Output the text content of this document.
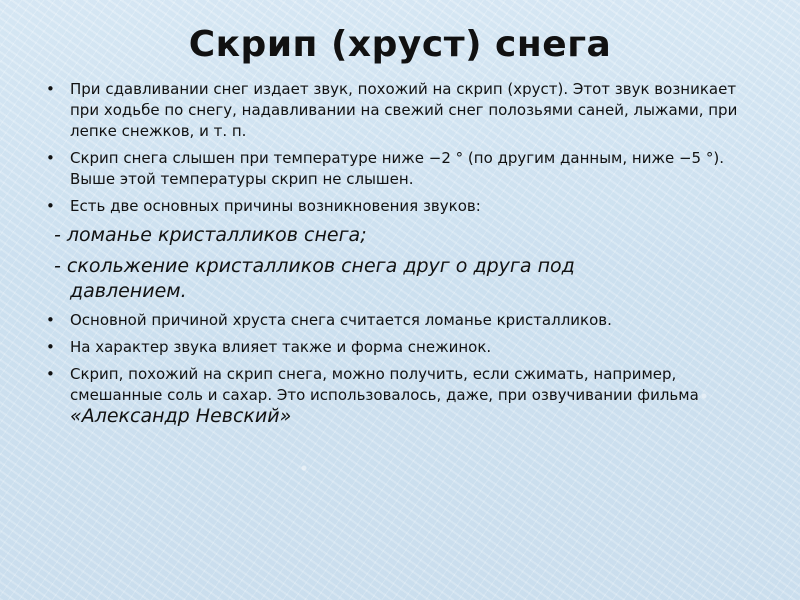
Скрип (хруст) снега
• При сдавливании снег издает звук, похожий на скрип (хруст). Этот звук возникает при ходьбе по снегу, надавливании на свежий снег полозьями саней, лыжами, при лепке снежков, и т. п.
• Скрип снега слышен при температуре ниже −2 ° (по другим данным, ниже −5 °). Выше этой температуры скрип не слышен.
• Есть две основных причины возникновения звуков:
- ломанье кристалликов снега;
- скольжение кристалликов снега друг о друга под
давлением.
• Основной причиной хруста снега считается ломанье кристалликов.
• На характер звука влияет также и форма снежинок.
• Скрип, похожий на скрип снега, можно получить, если сжимать, например, смешанные соль и сахар. Это использовалось, даже, при озвучивании фильма «Александр Невский»
